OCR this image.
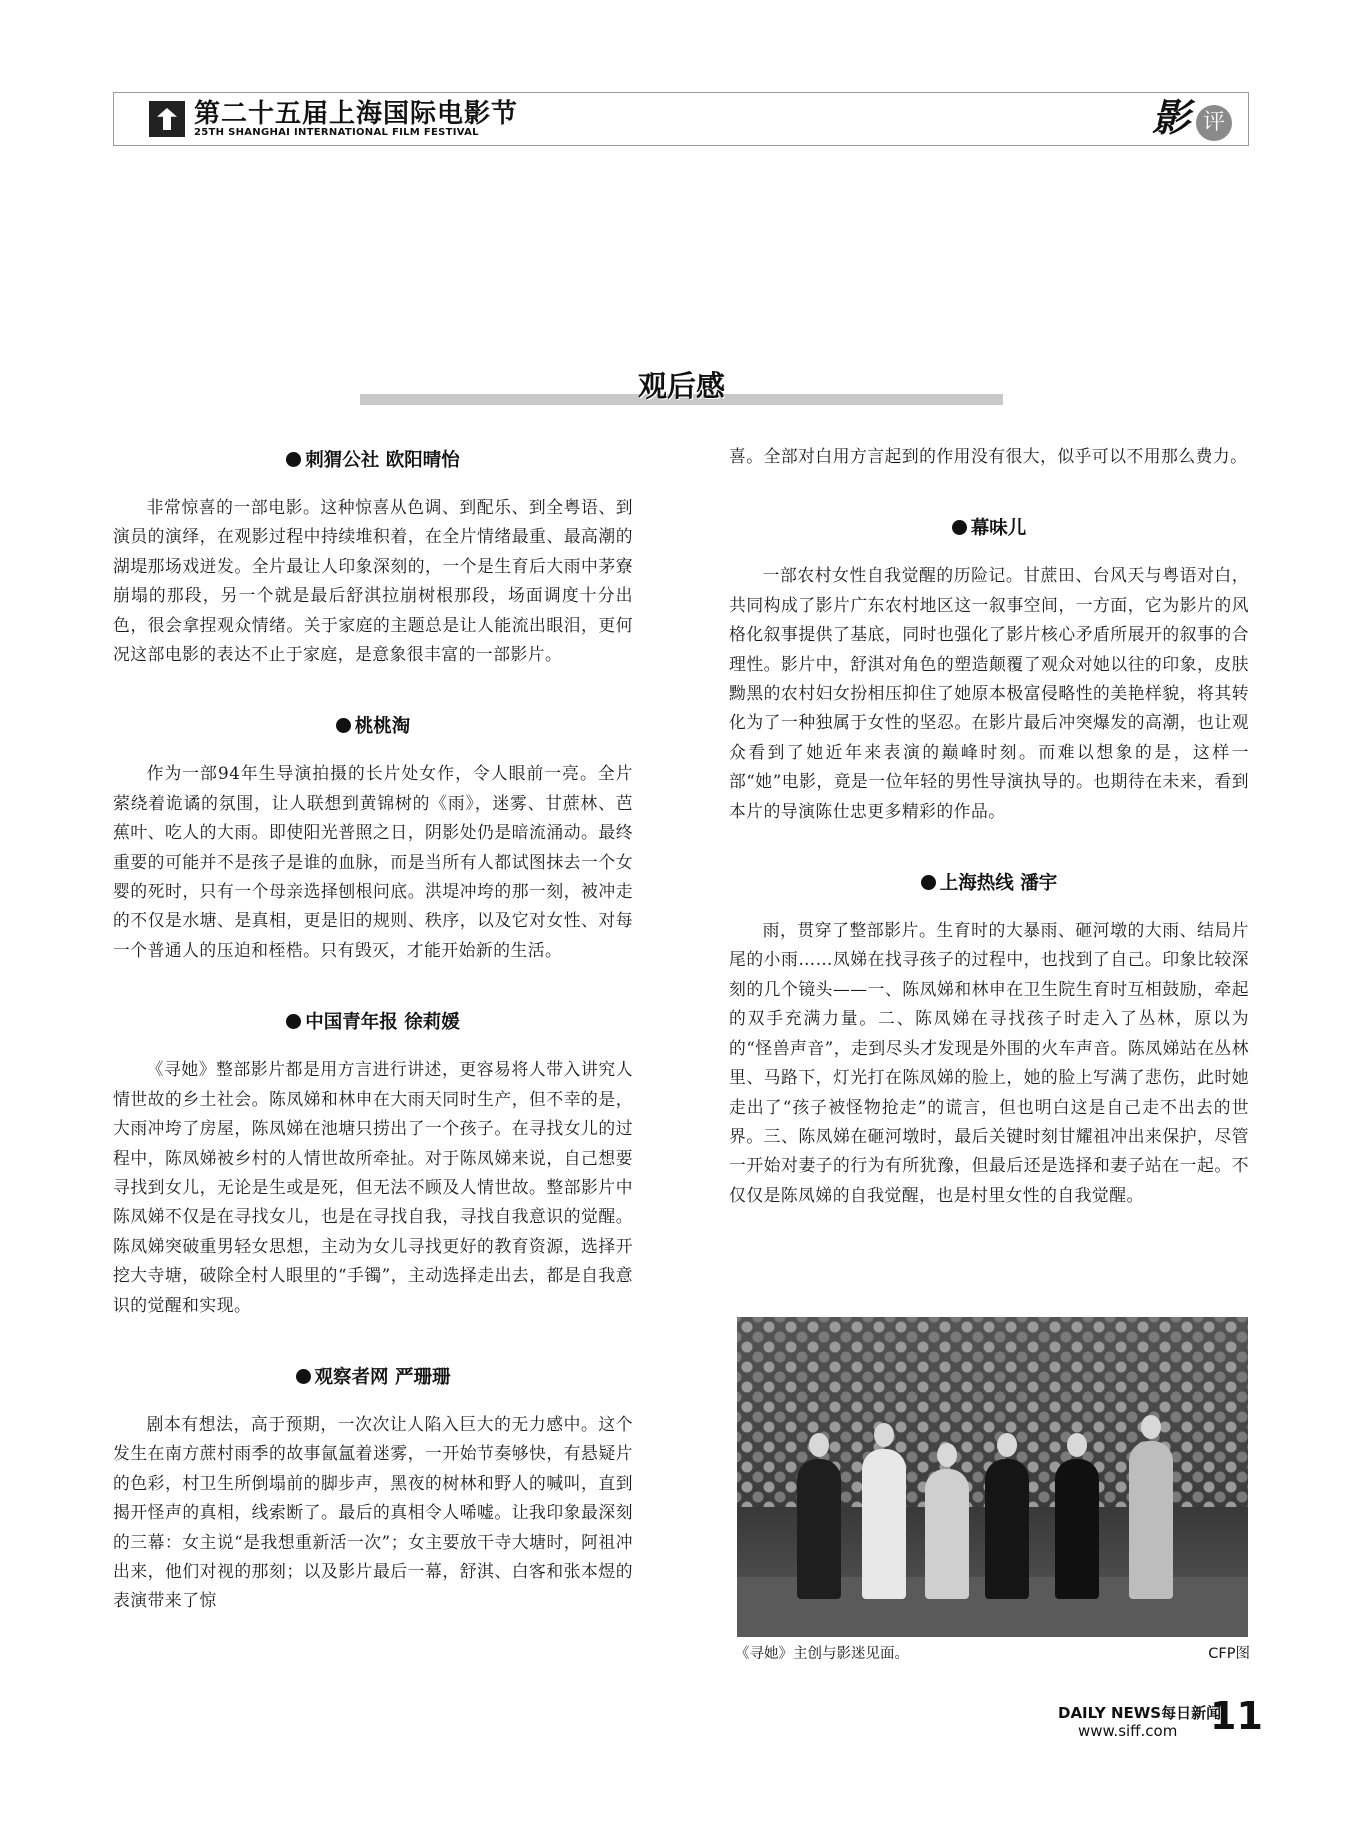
第二十五届上海国际电影节
25TH SHANGHAI INTERNATIONAL FILM FESTIVAL	影 评
观后感
刺猬公社 欧阳晴怡

非常惊喜的一部电影。这种惊喜从色调、到配乐、到全粤语、到演员的演绎，在观影过程中持续堆积着，在全片情绪最重、最高潮的湖堤那场戏迸发。全片最让人印象深刻的，一个是生育后大雨中茅寮崩塌的那段，另一个就是最后舒淇拉崩树根那段，场面调度十分出色，很会拿捏观众情绪。关于家庭的主题总是让人能流出眼泪，更何况这部电影的表达不止于家庭，是意象很丰富的一部影片。

桃桃淘

作为一部94年生导演拍摄的长片处女作，令人眼前一亮。全片萦绕着诡谲的氛围，让人联想到黄锦树的《雨》，迷雾、甘蔗林、芭蕉叶、吃人的大雨。即使阳光普照之日，阴影处仍是暗流涌动。最终重要的可能并不是孩子是谁的血脉，而是当所有人都试图抹去一个女婴的死时，只有一个母亲选择刨根问底。洪堤冲垮的那一刻，被冲走的不仅是水塘、是真相，更是旧的规则、秩序，以及它对女性、对每一个普通人的压迫和桎梏。只有毁灭，才能开始新的生活。

中国青年报 徐莉媛

《寻她》整部影片都是用方言进行讲述，更容易将人带入讲究人情世故的乡土社会。陈凤娣和林申在大雨天同时生产，但不幸的是，大雨冲垮了房屋，陈凤娣在池塘只捞出了一个孩子。在寻找女儿的过程中，陈凤娣被乡村的人情世故所牵扯。对于陈凤娣来说，自己想要寻找到女儿，无论是生或是死，但无法不顾及人情世故。整部影片中陈凤娣不仅是在寻找女儿，也是在寻找自我，寻找自我意识的觉醒。陈凤娣突破重男轻女思想，主动为女儿寻找更好的教育资源，选择开挖大寺塘，破除全村人眼里的“手镯”，主动选择走出去，都是自我意识的觉醒和实现。

观察者网 严珊珊

剧本有想法，高于预期，一次次让人陷入巨大的无力感中。这个发生在南方蔗村雨季的故事氤氲着迷雾，一开始节奏够快，有悬疑片的色彩，村卫生所倒塌前的脚步声，黑夜的树林和野人的喊叫，直到揭开怪声的真相，线索断了。最后的真相令人唏嘘。让我印象最深刻的三幕：女主说“是我想重新活一次”；女主要放干寺大塘时，阿祖冲出来，他们对视的那刻；以及影片最后一幕，舒淇、白客和张本煜的表演带来了惊

喜。全部对白用方言起到的作用没有很大，似乎可以不用那么费力。

幕味儿

一部农村女性自我觉醒的历险记。甘蔗田、台风天与粤语对白，共同构成了影片广东农村地区这一叙事空间，一方面，它为影片的风格化叙事提供了基底，同时也强化了影片核心矛盾所展开的叙事的合理性。影片中，舒淇对角色的塑造颠覆了观众对她以往的印象，皮肤黝黑的农村妇女扮相压抑住了她原本极富侵略性的美艳样貌，将其转化为了一种独属于女性的坚忍。在影片最后冲突爆发的高潮，也让观众看到了她近年来表演的巅峰时刻。而难以想象的是，这样一部“她”电影，竟是一位年轻的男性导演执导的。也期待在未来，看到本片的导演陈仕忠更多精彩的作品。

上海热线 潘宇

雨，贯穿了整部影片。生育时的大暴雨、砸河墩的大雨、结局片尾的小雨……凤娣在找寻孩子的过程中，也找到了自己。印象比较深刻的几个镜头——一、陈凤娣和林申在卫生院生育时互相鼓励，牵起的双手充满力量。二、陈凤娣在寻找孩子时走入了丛林，原以为的“怪兽声音”，走到尽头才发现是外围的火车声音。陈凤娣站在丛林里、马路下，灯光打在陈凤娣的脸上，她的脸上写满了悲伤，此时她走出了“孩子被怪物抢走”的谎言，但也明白这是自己走不出去的世界。三、陈凤娣在砸河墩时，最后关键时刻甘耀祖冲出来保护，尽管一开始对妻子的行为有所犹豫，但最后还是选择和妻子站在一起。不仅仅是陈凤娣的自我觉醒，也是村里女性的自我觉醒。

《寻她》主创与影迷见面。	CFP图
DAILY NEWS每日新闻
www.siff.com 11
